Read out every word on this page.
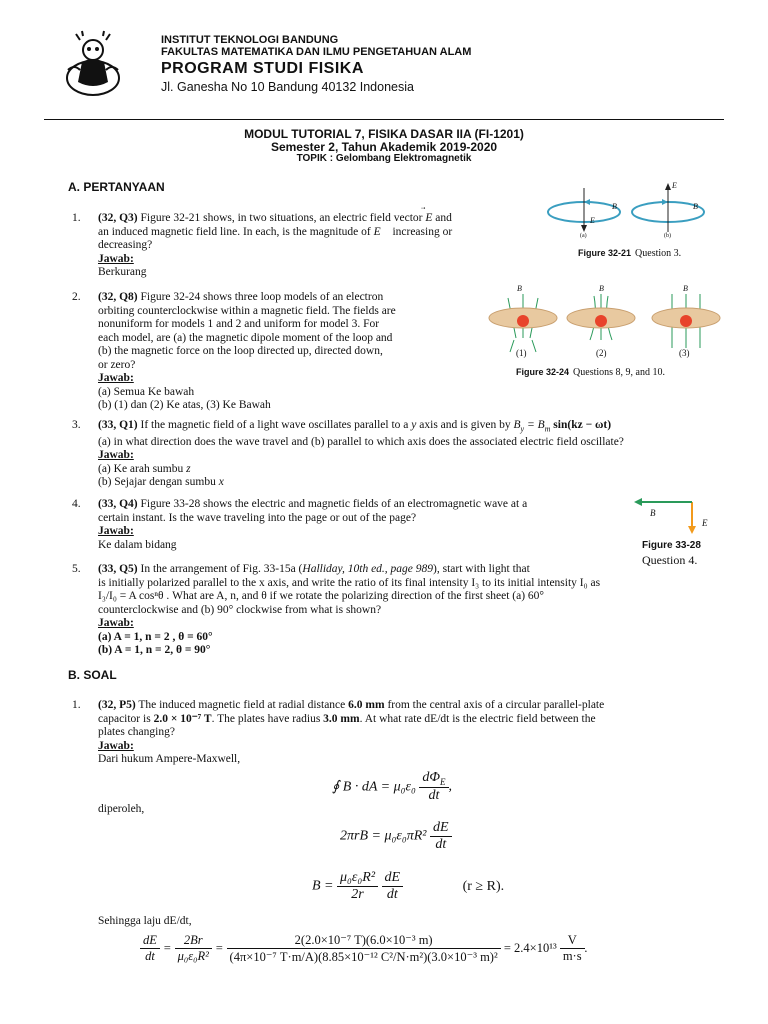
INSTITUT TEKNOLOGI BANDUNG
FAKULTAS MATEMATIKA DAN ILMU PENGETAHUAN ALAM
PROGRAM STUDI FISIKA
Jl. Ganesha No 10 Bandung 40132 Indonesia
MODUL TUTORIAL 7, FISIKA DASAR IIA (FI-1201)
Semester 2, Tahun Akademik 2019-2020
TOPIK : Gelombang Elektromagnetik
A. PERTANYAAN
E
B
E
B
(a)	(b)
Figure 32-21 Question 3.
1. (32, Q3) Figure 32-21 shows, in two situations, an electric field vector E
and
an induced magnetic field line. In each, is the magnitude of E⃗ increasing or
decreasing?
Jawab:
Berkurang
B	B	B
(1)	(2)	(3)
Figure 32-24 Questions 8, 9, and 10.
2. (32, Q8) Figure 32-24 shows three loop models of an electron
orbiting counterclockwise within a magnetic field. The fields are
nonuniform for models 1 and 2 and uniform for model 3. For
each model, are (a) the magnetic dipole moment of the loop and
(b) the magnetic force on the loop directed up, directed down,
or zero?
Jawab:
(a) Semua Ke bawah
(b) (1) dan (2) Ke atas, (3) Ke Bawah
3. (33, Q1) If the magnetic field of a light wave oscillates parallel to a y axis and is given by $B_y = B_m$ sin(kz − ωt)
(a) in what direction does the wave travel and (b) parallel to which axis does the associated electric field oscillate?
Jawab:
(a) Ke arah sumbu z
(b) Sejajar dengan sumbu x
B
E
Figure 33-28
Question 4.
4. (33, Q4) Figure 33-28 shows the electric and magnetic fields of an electromagnetic wave at a
certain instant. Is the wave traveling into the page or out of the page?
Jawab:
Ke dalam bidang
5. (33, Q5) In the arrangement of Fig. 33-15a (Halliday, 10th ed., page 989), start with light that
is initially polarized parallel to the x axis, and write the ratio of its final intensity I₃ to its initial intensity I₀ as
I₃/I₀ = A cosⁿθ . What are A, n, and θ if we rotate the polarizing direction of the first sheet (a) 60°
counterclockwise and (b) 90° clockwise from what is shown?
Jawab:
(a) A = 1, n = 2 , θ = 60°
(b) A = 1, n = 2, θ = 90°
B. SOAL
1. (32, P5) The induced magnetic field at radial distance 6.0 mm from the central axis of a circular parallel-plate
capacitor is 2.0 × 10⁻⁷ T. The plates have radius 3.0 mm. At what rate dE/dt is the electric field between the
plates changing?
Jawab:
Dari hukum Ampere-Maxwell,
∮ B · dA = $\mu_0\varepsilon_0 \frac{d\Phi_E}{dt}$ ,
diperoleh,
$2\pi rB = \mu_0\varepsilon_0\pi R^2 \frac{dE}{dt}$
$B = \frac{\text{μ₀ε₀R²}}{2r}$
$\frac{dE}{dt}$	(r ≥ R).
Sehingga laju dE/dt,
$\frac{dE}{dt} = \frac{2Br}{\text{μ₀ε₀R²}} = \frac{\text{2(2.0×10⁻⁷ T)(6.0×10⁻³ m)}}{\text{(4π×10⁻⁷ T·m/A)(8.85×10⁻¹² C²/N·m²)(3.0×10⁻³ m)²}} = 2.4\times 10^{13} \frac{V}{m\cdot s}$ .
